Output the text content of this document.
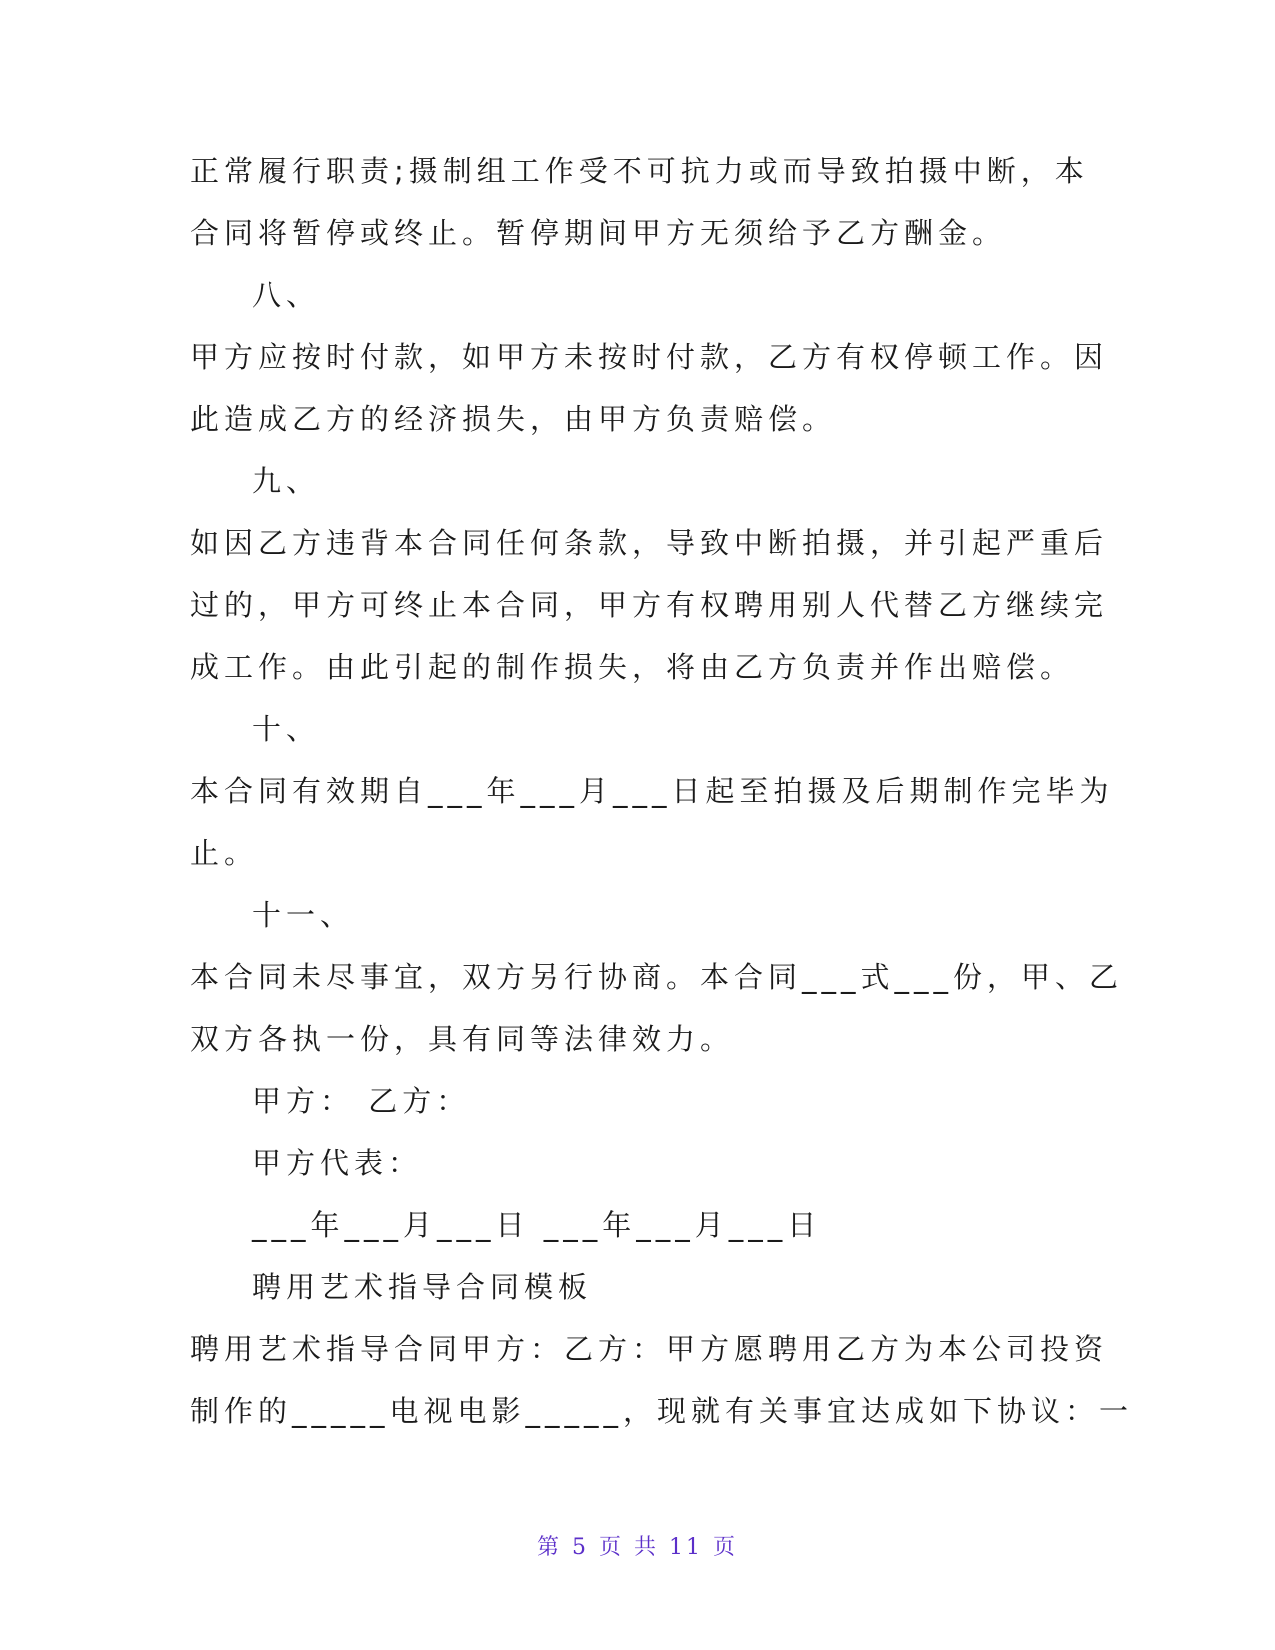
正常履行职责;摄制组工作受不可抗力或而导致拍摄中断，本
合同将暂停或终止。暂停期间甲方无须给予乙方酬金。
八、
甲方应按时付款，如甲方未按时付款，乙方有权停顿工作。因
此造成乙方的经济损失，由甲方负责赔偿。
九、
如因乙方违背本合同任何条款，导致中断拍摄，并引起严重后
过的，甲方可终止本合同，甲方有权聘用别人代替乙方继续完
成工作。由此引起的制作损失，将由乙方负责并作出赔偿。
十、
本合同有效期自___年___月___日起至拍摄及后期制作完毕为
止。
十一、
本合同未尽事宜，双方另行协商。本合同___式___份，甲、乙
双方各执一份，具有同等法律效力。
甲方： 乙方：
甲方代表：
___年___月___日 ___年___月___日
聘用艺术指导合同模板
聘用艺术指导合同甲方：乙方：甲方愿聘用乙方为本公司投资
制作的_____电视电影_____，现就有关事宜达成如下协议：一
第 5 页 共 11 页
